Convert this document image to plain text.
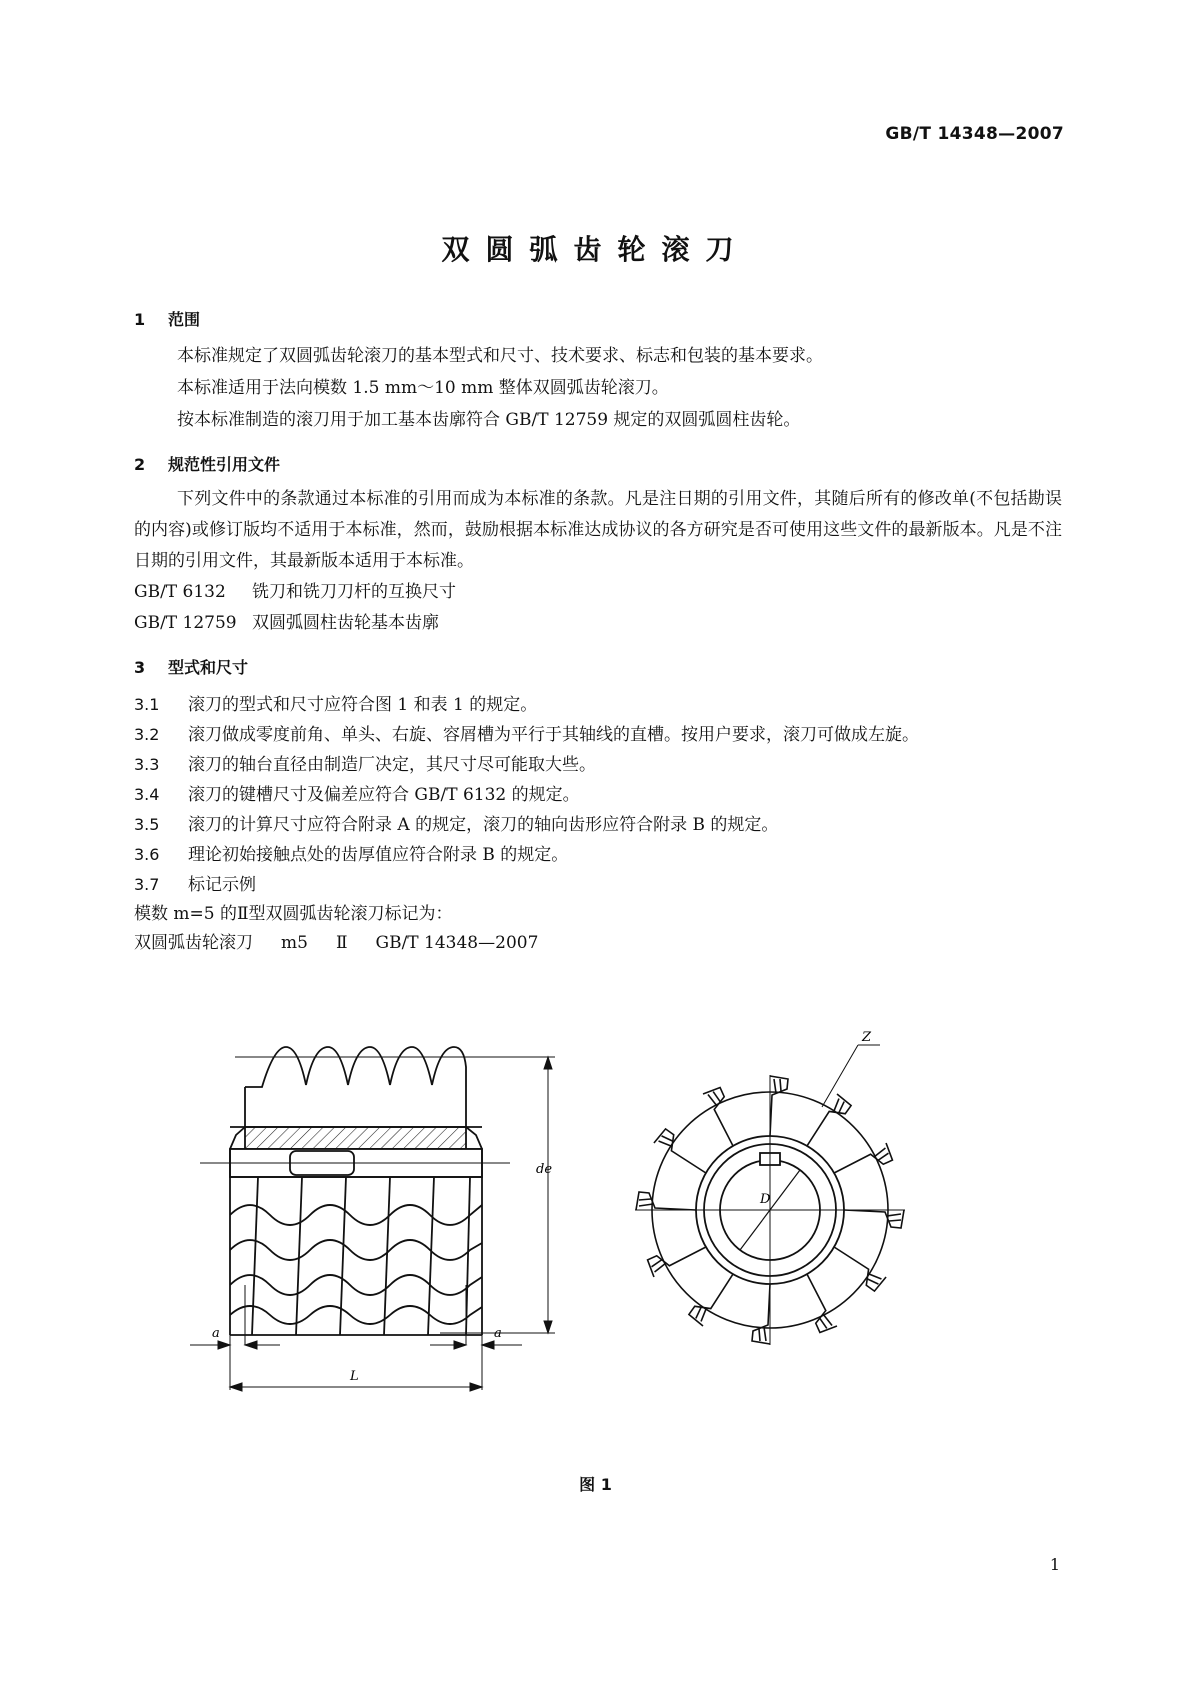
GB/T 14348—2007
双圆弧齿轮滚刀
1 范围

本标准规定了双圆弧齿轮滚刀的基本型式和尺寸、技术要求、标志和包装的基本要求。

本标准适用于法向模数 1.5 mm～10 mm 整体双圆弧齿轮滚刀。

按本标准制造的滚刀用于加工基本齿廓符合 GB/T 12759 规定的双圆弧圆柱齿轮。

2 规范性引用文件

下列文件中的条款通过本标准的引用而成为本标准的条款。凡是注日期的引用文件，其随后所有的修改单(不包括勘误的内容)或修订版均不适用于本标准，然而，鼓励根据本标准达成协议的各方研究是否可使用这些文件的最新版本。凡是不注日期的引用文件，其最新版本适用于本标准。

GB/T 6132 铣刀和铣刀刀杆的互换尺寸

GB/T 12759 双圆弧圆柱齿轮基本齿廓

3 型式和尺寸

3.1 滚刀的型式和尺寸应符合图 1 和表 1 的规定。

3.2 滚刀做成零度前角、单头、右旋、容屑槽为平行于其轴线的直槽。按用户要求，滚刀可做成左旋。

3.3 滚刀的轴台直径由制造厂决定，其尺寸尽可能取大些。

3.4 滚刀的键槽尺寸及偏差应符合 GB/T 6132 的规定。

3.5 滚刀的计算尺寸应符合附录 A 的规定，滚刀的轴向齿形应符合附录 B 的规定。

3.6 理论初始接触点处的齿厚值应符合附录 B 的规定。

3.7 标记示例

模数 m=5 的Ⅱ型双圆弧齿轮滚刀标记为：

双圆弧齿轮滚刀 m5 Ⅱ GB/T 14348—2007

de
a	a
L
D
Z
图 1
1
